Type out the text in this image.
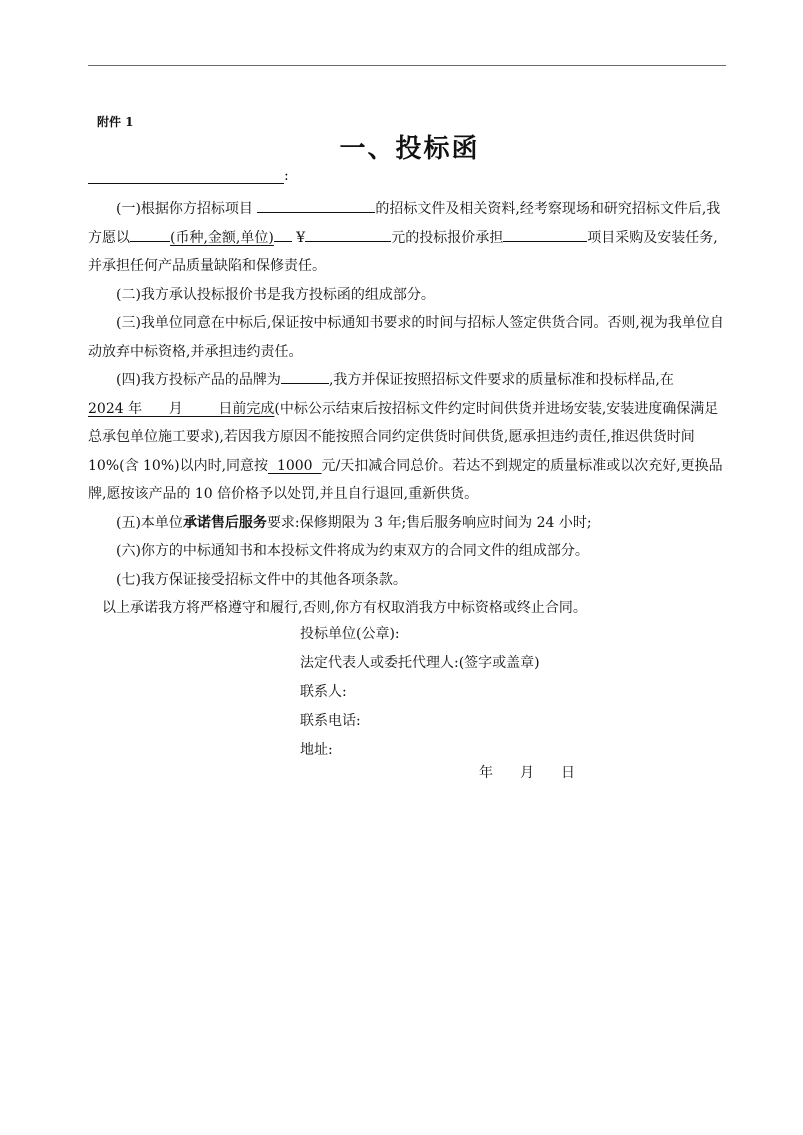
附件 1
一、投标函
:

(一)根据你方招标项目	的招标文件及相关资料,经考察现场和研究招标文件后,我方愿以	(币种,金额,单位) ¥	元的投标报价承担	项目采购及安装任务,并承担任何产品质量缺陷和保修责任。

(二)我方承认投标报价书是我方投标函的组成部分。

(三)我单位同意在中标后,保证按中标通知书要求的时间与招标人签定供货合同。否则,视为我单位自动放弃中标资格,并承担违约责任。

(四)我方投标产品的品牌为	,我方并保证按照招标文件要求的质量标准和投标样品,在2024 年      月        日前完成(中标公示结束后按招标文件约定时间供货并进场安装,安装进度确保满足总承包单位施工要求),若因我方原因不能按照合同约定供货时间供货,愿承担违约责任,推迟供货时间 10%(含 10%)以内时,同意按  1000  元/天扣减合同总价。若达不到规定的质量标准或以次充好,更换品牌,愿按该产品的 10 倍价格予以处罚,并且自行退回,重新供货。

(五)本单位承诺售后服务要求:保修期限为 3 年;售后服务响应时间为 24 小时;

(六)你方的中标通知书和本投标文件将成为约束双方的合同文件的组成部分。

(七)我方保证接受招标文件中的其他各项条款。

以上承诺我方将严格遵守和履行,否则,你方有权取消我方中标资格或终止合同。

投标单位(公章):
法定代表人或委托代理人:(签字或盖章)
联系人:
联系电话:
地址:
年 月 日
